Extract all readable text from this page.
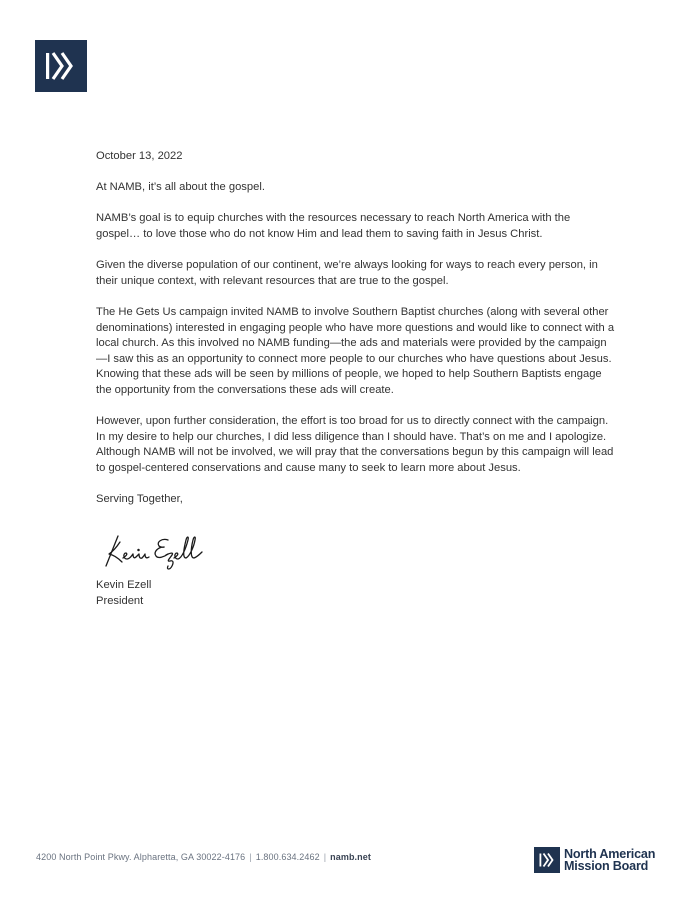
October 13, 2022

At NAMB, it’s all about the gospel.

NAMB’s goal is to equip churches with the resources necessary to reach North America with the gospel… to love those who do not know Him and lead them to saving faith in Jesus Christ.

Given the diverse population of our continent, we’re always looking for ways to reach every person, in their unique context, with relevant resources that are true to the gospel.

The He Gets Us campaign invited NAMB to involve Southern Baptist churches (along with several other denominations) interested in engaging people who have more questions and would like to connect with a local church. As this involved no NAMB funding—the ads and materials were provided by the campaign—I saw this as an opportunity to connect more people to our churches who have questions about Jesus. Knowing that these ads will be seen by millions of people, we hoped to help Southern Baptists engage the opportunity from the conversations these ads will create.

However, upon further consideration, the effort is too broad for us to directly connect with the campaign. In my desire to help our churches, I did less diligence than I should have. That’s on me and I apologize. Although NAMB will not be involved, we will pray that the conversations begun by this campaign will lead to gospel-centered conservations and cause many to seek to learn more about Jesus.

Serving Together,

Kevin Ezell
President
4200 North Point Pkwy. Alpharetta, GA 30022-4176 | 1.800.634.2462 | namb.net	North American
Mission Board
